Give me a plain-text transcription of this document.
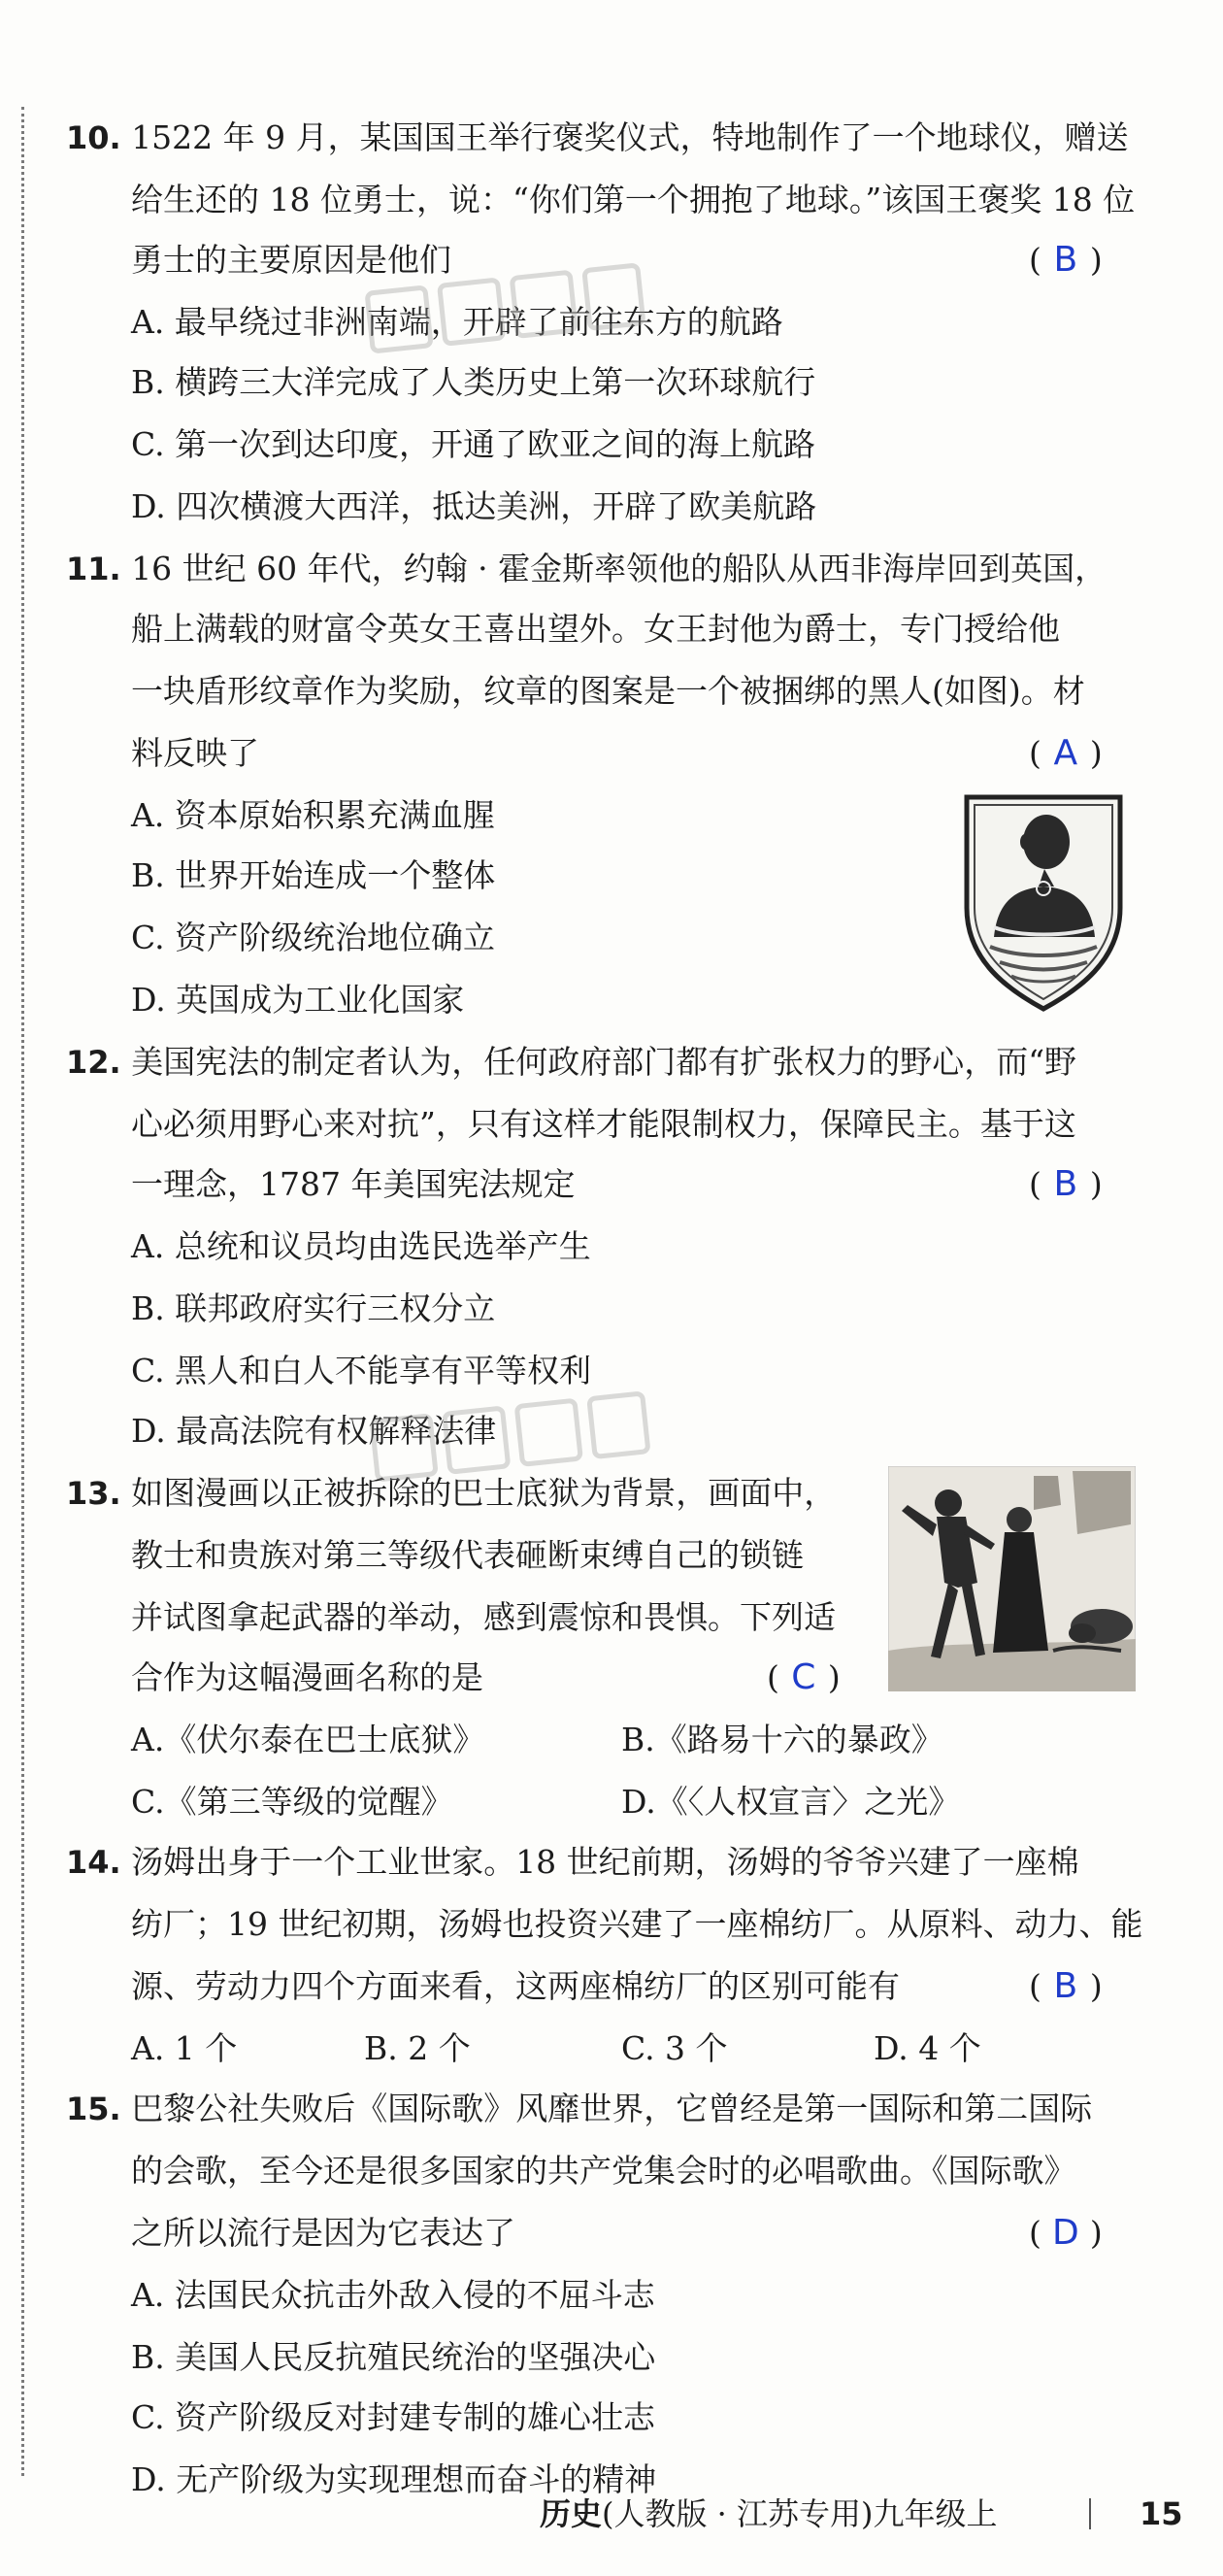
10. 1522 年 9 月，某国国王举行褒奖仪式，特地制作了一个地球仪，赠送
给生还的 18 位勇士，说：“你们第一个拥抱了地球。”该国王褒奖 18 位
勇士的主要原因是他们	( B )
A. 最早绕过非洲南端，开辟了前往东方的航路
B. 横跨三大洋完成了人类历史上第一次环球航行
C. 第一次到达印度，开通了欧亚之间的海上航路
D. 四次横渡大西洋，抵达美洲，开辟了欧美航路
11. 16 世纪 60 年代，约翰 · 霍金斯率领他的船队从西非海岸回到英国，
船上满载的财富令英女王喜出望外。女王封他为爵士，专门授给他
一块盾形纹章作为奖励，纹章的图案是一个被捆绑的黑人(如图)。材
料反映了	( A )
A. 资本原始积累充满血腥
B. 世界开始连成一个整体
C. 资产阶级统治地位确立
D. 英国成为工业化国家
12. 美国宪法的制定者认为，任何政府部门都有扩张权力的野心，而“野
心必须用野心来对抗”，只有这样才能限制权力，保障民主。基于这
一理念，1787 年美国宪法规定	( B )
A. 总统和议员均由选民选举产生
B. 联邦政府实行三权分立
C. 黑人和白人不能享有平等权利
D. 最高法院有权解释法律
13. 如图漫画以正被拆除的巴士底狱为背景，画面中，
教士和贵族对第三等级代表砸断束缚自己的锁链
并试图拿起武器的举动，感到震惊和畏惧。下列适
合作为这幅漫画名称的是	( C )
A.《伏尔泰在巴士底狱》	B.《路易十六的暴政》
C.《第三等级的觉醒》	D.《〈人权宣言〉之光》
14. 汤姆出身于一个工业世家。18 世纪前期，汤姆的爷爷兴建了一座棉
纺厂；19 世纪初期，汤姆也投资兴建了一座棉纺厂。从原料、动力、能
源、劳动力四个方面来看，这两座棉纺厂的区别可能有	( B )
A. 1 个	B. 2 个	C. 3 个	D. 4 个
15. 巴黎公社失败后《国际歌》风靡世界，它曾经是第一国际和第二国际
的会歌，至今还是很多国家的共产党集会时的必唱歌曲。《国际歌》
之所以流行是因为它表达了	( D )
A. 法国民众抗击外敌入侵的不屈斗志
B. 美国人民反抗殖民统治的坚强决心
C. 资产阶级反对封建专制的雄心壮志
D. 无产阶级为实现理想而奋斗的精神
历史(人教版 · 江苏专用)九年级上	15
